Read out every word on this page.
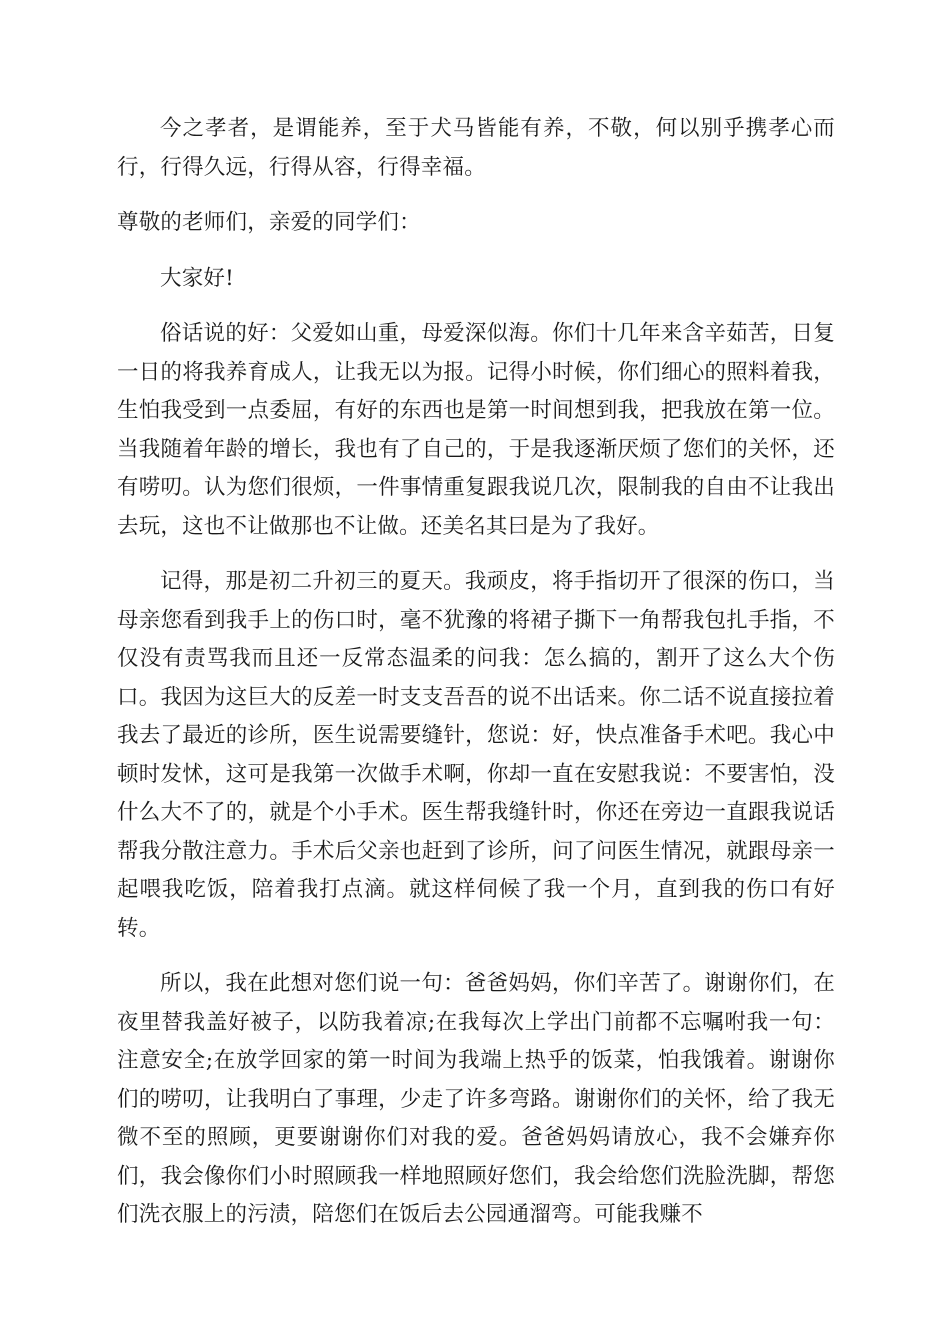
今之孝者，是谓能养，至于犬马皆能有养，不敬，何以别乎携孝心而行，行得久远，行得从容，行得幸福。

尊敬的老师们，亲爱的同学们：

大家好!

俗话说的好：父爱如山重，母爱深似海。你们十几年来含辛茹苦，日复一日的将我养育成人，让我无以为报。记得小时候，你们细心的照料着我，生怕我受到一点委屈，有好的东西也是第一时间想到我，把我放在第一位。当我随着年龄的增长，我也有了自己的，于是我逐渐厌烦了您们的关怀，还有唠叨。认为您们很烦，一件事情重复跟我说几次，限制我的自由不让我出去玩，这也不让做那也不让做。还美名其曰是为了我好。

记得，那是初二升初三的夏天。我顽皮，将手指切开了很深的伤口，当母亲您看到我手上的伤口时，毫不犹豫的将裙子撕下一角帮我包扎手指，不仅没有责骂我而且还一反常态温柔的问我：怎么搞的，割开了这么大个伤口。我因为这巨大的反差一时支支吾吾的说不出话来。你二话不说直接拉着我去了最近的诊所，医生说需要缝针，您说：好，快点准备手术吧。我心中顿时发怵，这可是我第一次做手术啊，你却一直在安慰我说：不要害怕，没什么大不了的，就是个小手术。医生帮我缝针时，你还在旁边一直跟我说话帮我分散注意力。手术后父亲也赶到了诊所，问了问医生情况，就跟母亲一起喂我吃饭，陪着我打点滴。就这样伺候了我一个月，直到我的伤口有好转。

所以，我在此想对您们说一句：爸爸妈妈，你们辛苦了。谢谢你们，在夜里替我盖好被子，以防我着凉;在我每次上学出门前都不忘嘱咐我一句：注意安全;在放学回家的第一时间为我端上热乎的饭菜，怕我饿着。谢谢你们的唠叨，让我明白了事理，少走了许多弯路。谢谢你们的关怀，给了我无微不至的照顾，更要谢谢你们对我的爱。爸爸妈妈请放心，我不会嫌弃你们，我会像你们小时照顾我一样地照顾好您们，我会给您们洗脸洗脚，帮您们洗衣服上的污渍，陪您们在饭后去公园通溜弯。可能我赚不
